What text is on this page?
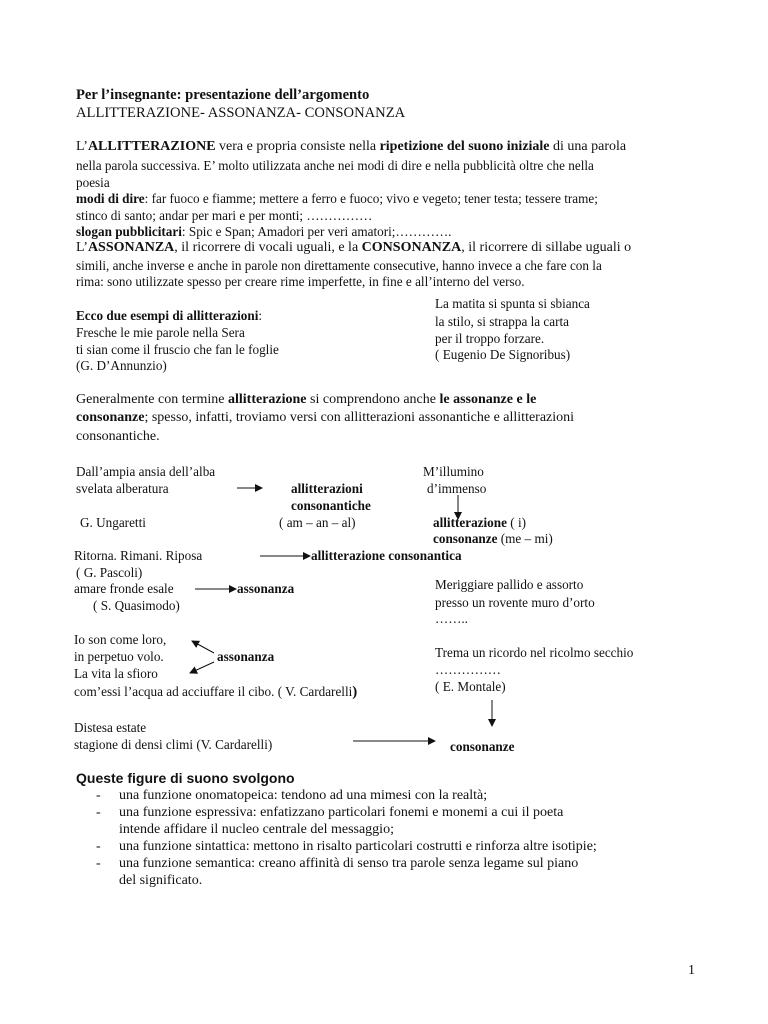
Per l’insegnante: presentazione dell’argomento
ALLITTERAZIONE- ASSONANZA- CONSONANZA
L’ALLITTERAZIONE vera e propria consiste nella ripetizione del suono iniziale di una parola
nella parola successiva. E’ molto utilizzata anche nei modi di dire e nella pubblicità oltre che nella
poesia
modi di dire: far fuoco e fiamme; mettere a ferro e fuoco; vivo e vegeto; tener testa; tessere trame;
stinco di santo; andar per mari e per monti; ……………
slogan pubblicitari: Spic e Span; Amadori per veri amatori;………….
L’ASSONANZA, il ricorrere di vocali uguali, e la CONSONANZA, il ricorrere di sillabe uguali o
simili, anche inverse e anche in parole non direttamente consecutive, hanno invece a che fare con la
rima: sono utilizzate spesso per creare rime imperfette, in fine e all’interno del verso.
Ecco due esempi di allitterazioni:
Fresche le mie parole nella Sera
ti sian come il fruscio che fan le foglie
(G. D’Annunzio)
La matita si spunta si sbianca
la stilo, si strappa la carta
per il troppo forzare.
( Eugenio De Signoribus)
Generalmente con termine allitterazione si comprendono anche le assonanze e le
consonanze; spesso, infatti, troviamo versi con allitterazioni assonantiche e allitterazioni
consonantiche.
Dall’ampia ansia dell’alba
svelata alberatura	allitterazioni
consonantiche
G. Ungaretti	( am – an – al)
M’illumino
d’immenso
allitterazione ( i)
consonanze (me – mi)
Ritorna. Rimani. Riposa	allitterazione consonantica
( G. Pascoli)
amare fronde esale	assonanza
( S. Quasimodo)
Meriggiare pallido e assorto
presso un rovente muro d’orto
……..
Trema un ricordo nel ricolmo secchio
……………
( E. Montale)
Io son come loro,
in perpetuo volo.	assonanza
La vita la sfioro
com’essi l’acqua ad acciuffare il cibo. ( V. Cardarelli)
Distesa estate
stagione di densi climi (V. Cardarelli)	consonanze
Queste figure di suono svolgono
- una funzione onomatopeica: tendono ad una mimesi con la realtà;
- una funzione espressiva: enfatizzano particolari fonemi e monemi a cui il poeta
intende affidare il nucleo centrale del messaggio;
- una funzione sintattica: mettono in risalto particolari costrutti e rinforza altre isotipie;
- una funzione semantica: creano affinità di senso tra parole senza legame sul piano
del significato.
1
